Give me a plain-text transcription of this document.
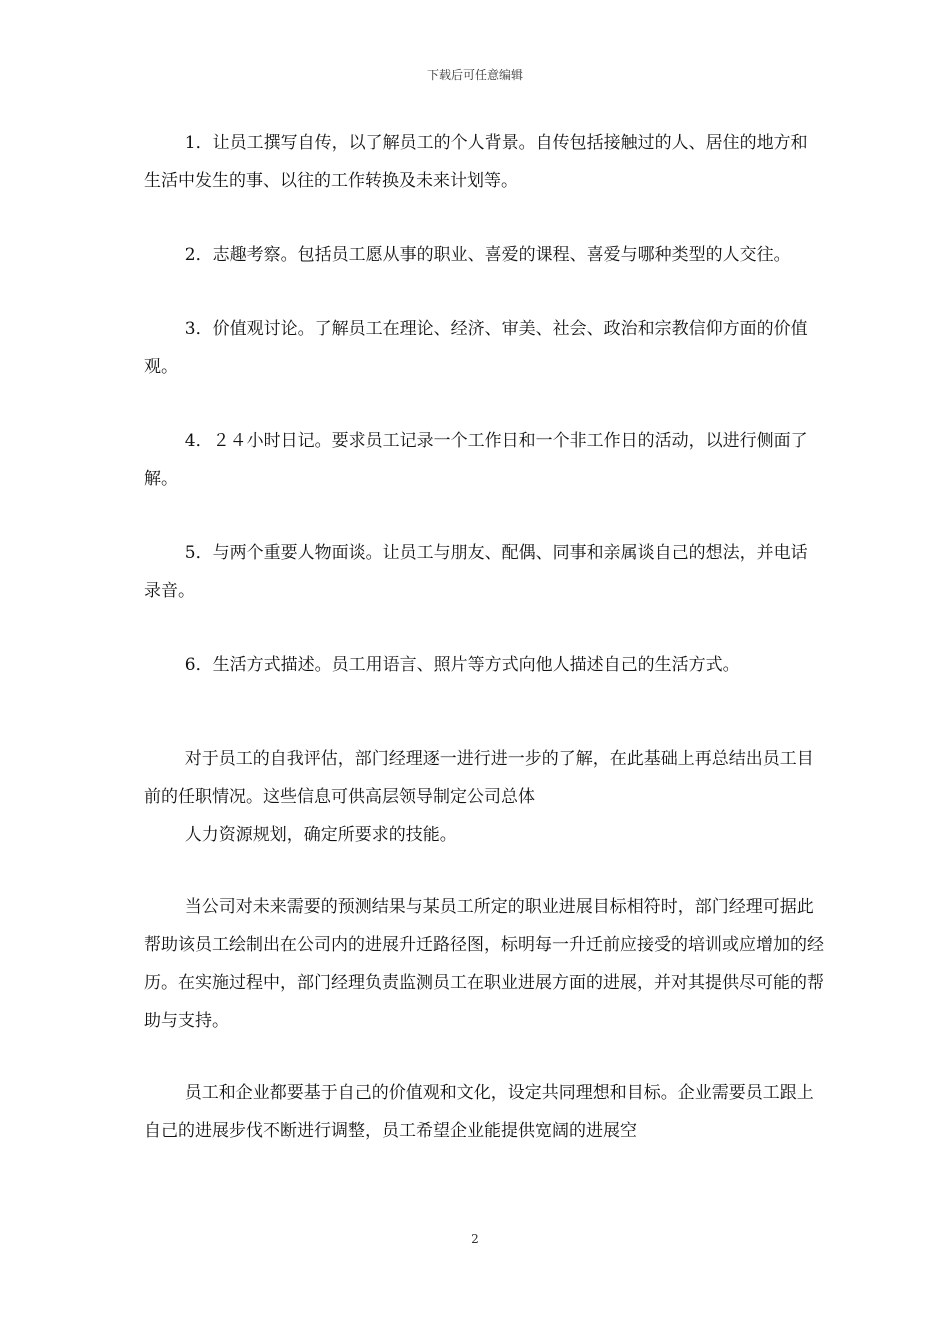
下载后可任意编辑

1．让员工撰写自传，以了解员工的个人背景。自传包括接触过的人、居住的地方和生活中发生的事、以往的工作转换及未来计划等。

2．志趣考察。包括员工愿从事的职业、喜爱的课程、喜爱与哪种类型的人交往。

3．价值观讨论。了解员工在理论、经济、审美、社会、政治和宗教信仰方面的价值观。

4．２４小时日记。要求员工记录一个工作日和一个非工作日的活动，以进行侧面了解。

5．与两个重要人物面谈。让员工与朋友、配偶、同事和亲属谈自己的想法，并电话录音。

6．生活方式描述。员工用语言、照片等方式向他人描述自己的生活方式。

对于员工的自我评估，部门经理逐一进行进一步的了解，在此基础上再总结出员工目前的任职情况。这些信息可供高层领导制定公司总体

人力资源规划，确定所要求的技能。

当公司对未来需要的预测结果与某员工所定的职业进展目标相符时，部门经理可据此帮助该员工绘制出在公司内的进展升迁路径图，标明每一升迁前应接受的培训或应增加的经历。在实施过程中，部门经理负责监测员工在职业进展方面的进展，并对其提供尽可能的帮助与支持。

员工和企业都要基于自己的价值观和文化，设定共同理想和目标。企业需要员工跟上自己的进展步伐不断进行调整，员工希望企业能提供宽阔的进展空

2
